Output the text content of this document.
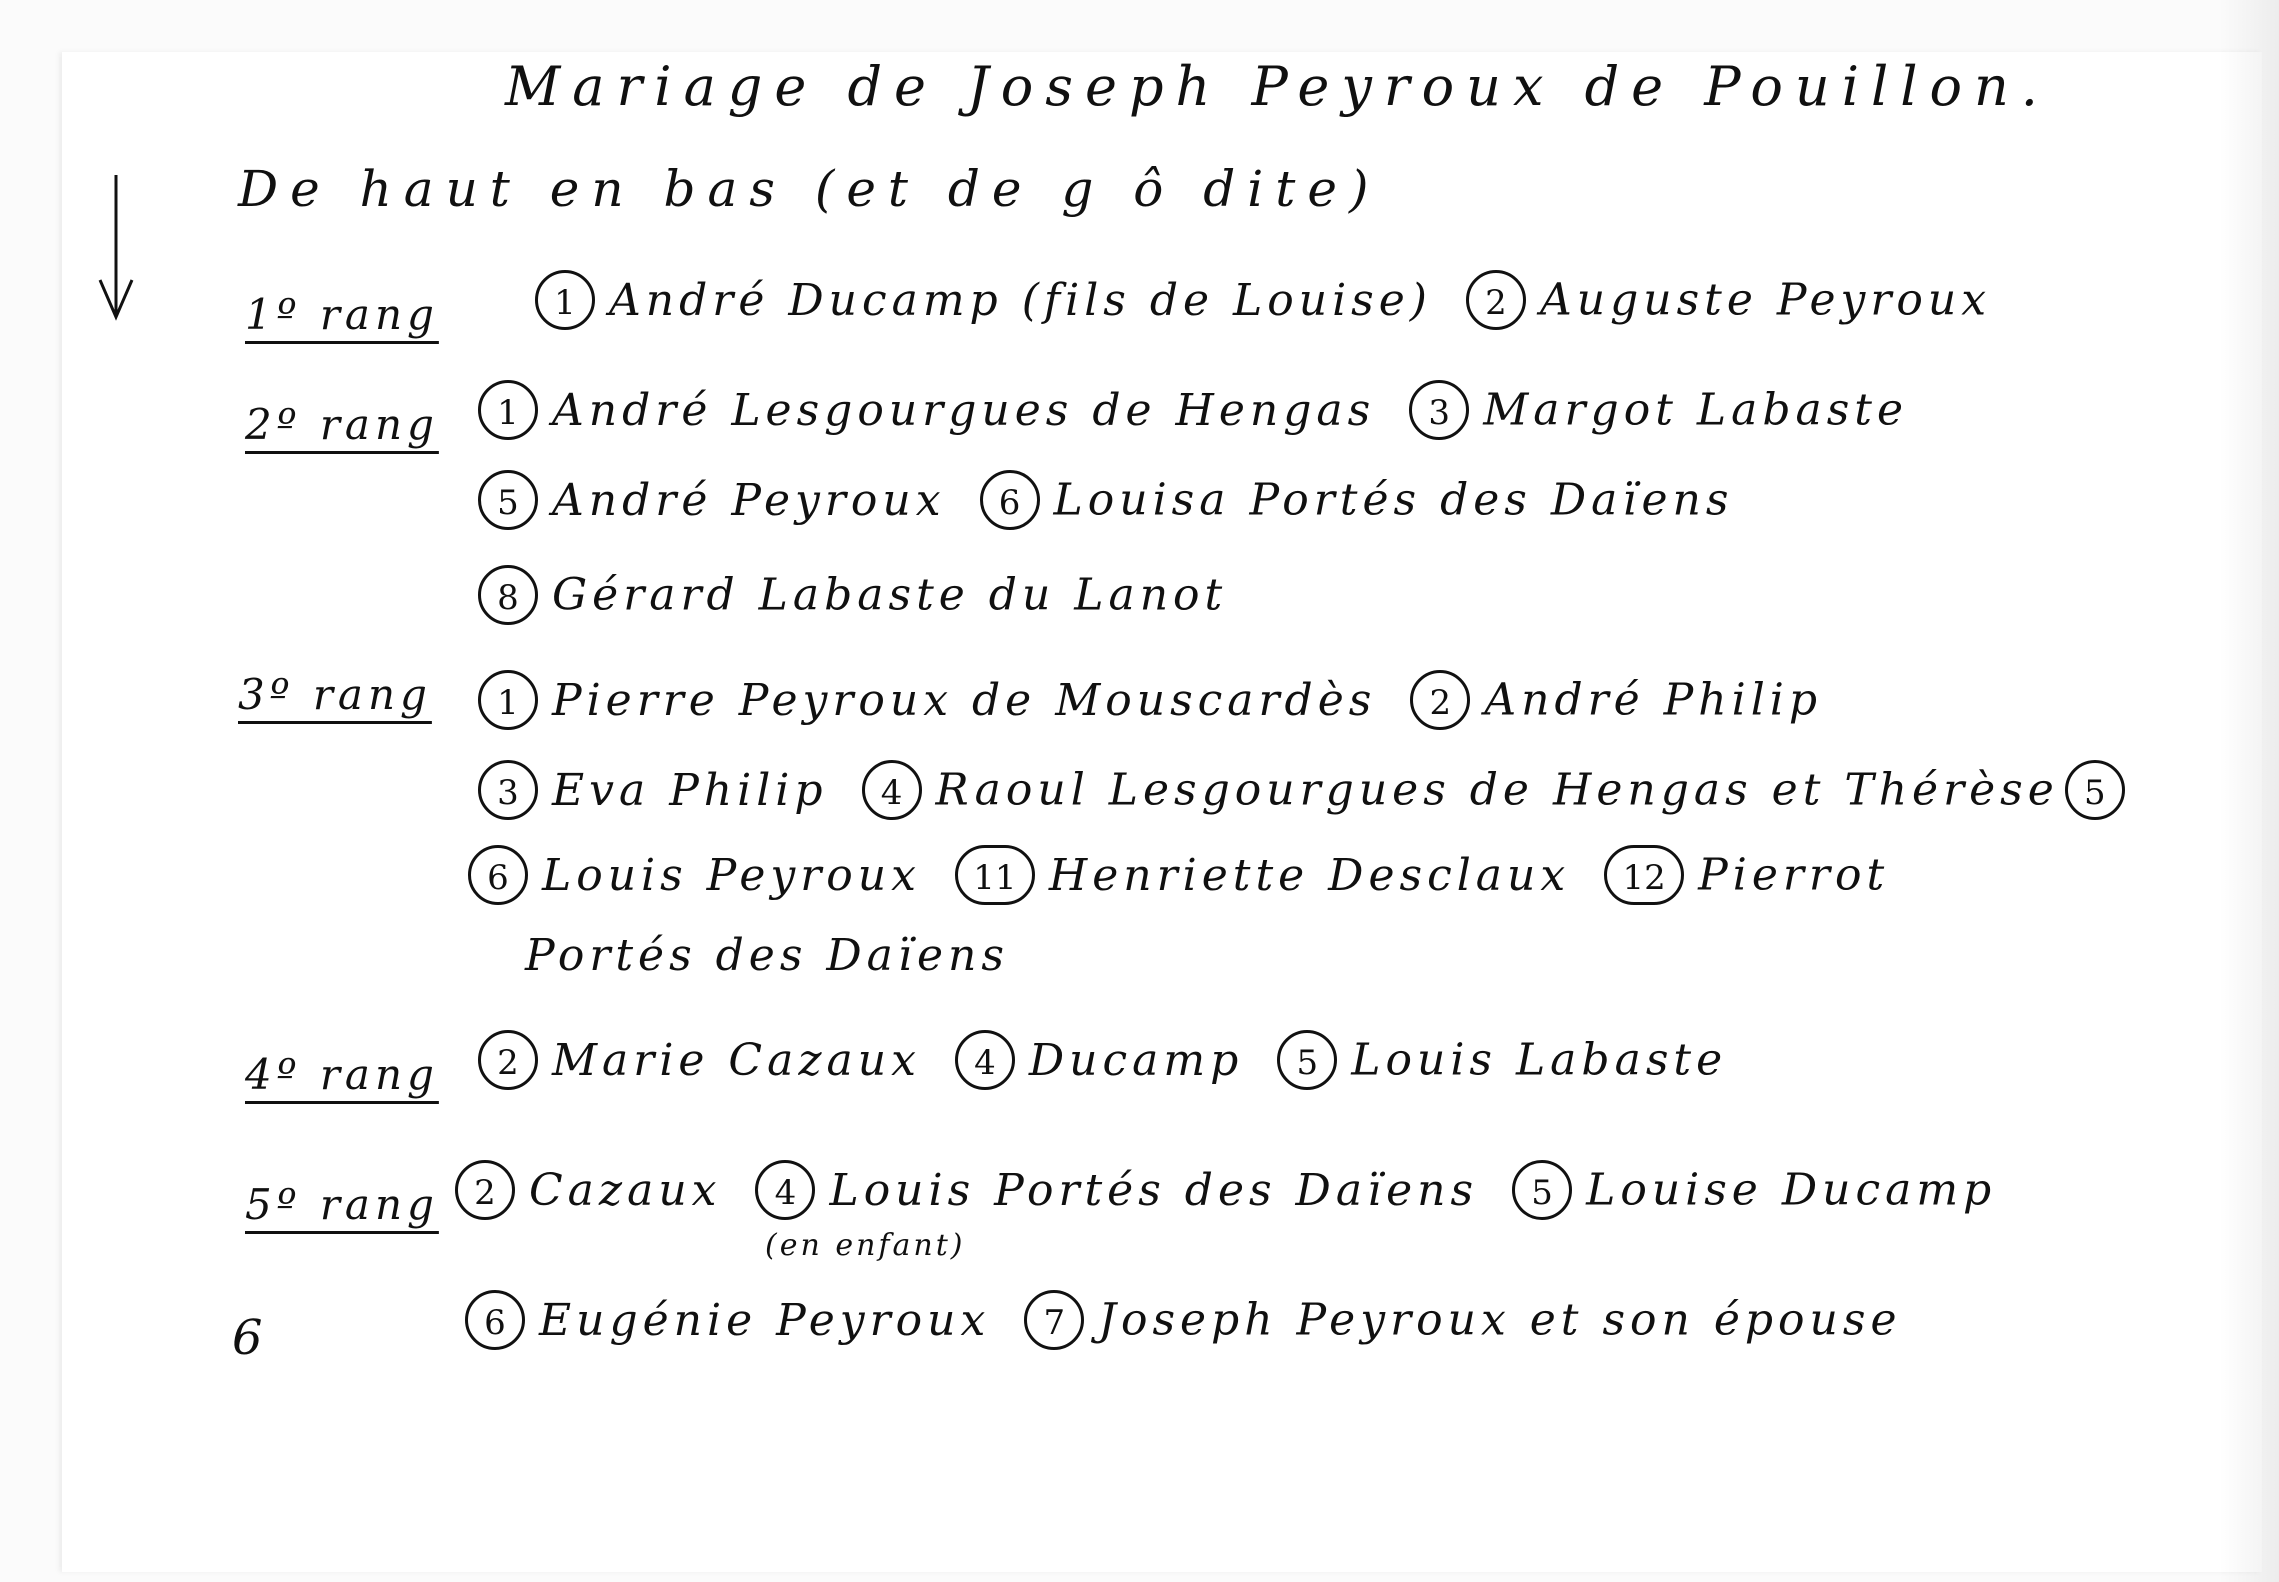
Mariage de Joseph Peyroux de Pouillon.
De haut en bas (et de g ô dite)
1º rang	1 André Ducamp (fils de Louise) 2 Auguste Peyroux
2º rang	1 André Lesgourgues de Hengas 3 Margot Labaste
5 André Peyroux 6 Louisa Portés des Daïens
8 Gérard Labaste du Lanot
3º rang	1 Pierre Peyroux de Mouscardès 2 André Philip
3 Eva Philip 4 Raoul Lesgourgues de Hengas et Thérèse 5
6 Louis Peyroux 11 Henriette Desclaux 12 Pierrot
Portés des Daïens
4º rang	2 Marie Cazaux 4 Ducamp 5 Louis Labaste
5º rang	2 Cazaux 4 Louis Portés des Daïens 5 Louise Ducamp
(en enfant)
6	6 Eugénie Peyroux 7 Joseph Peyroux et son épouse
